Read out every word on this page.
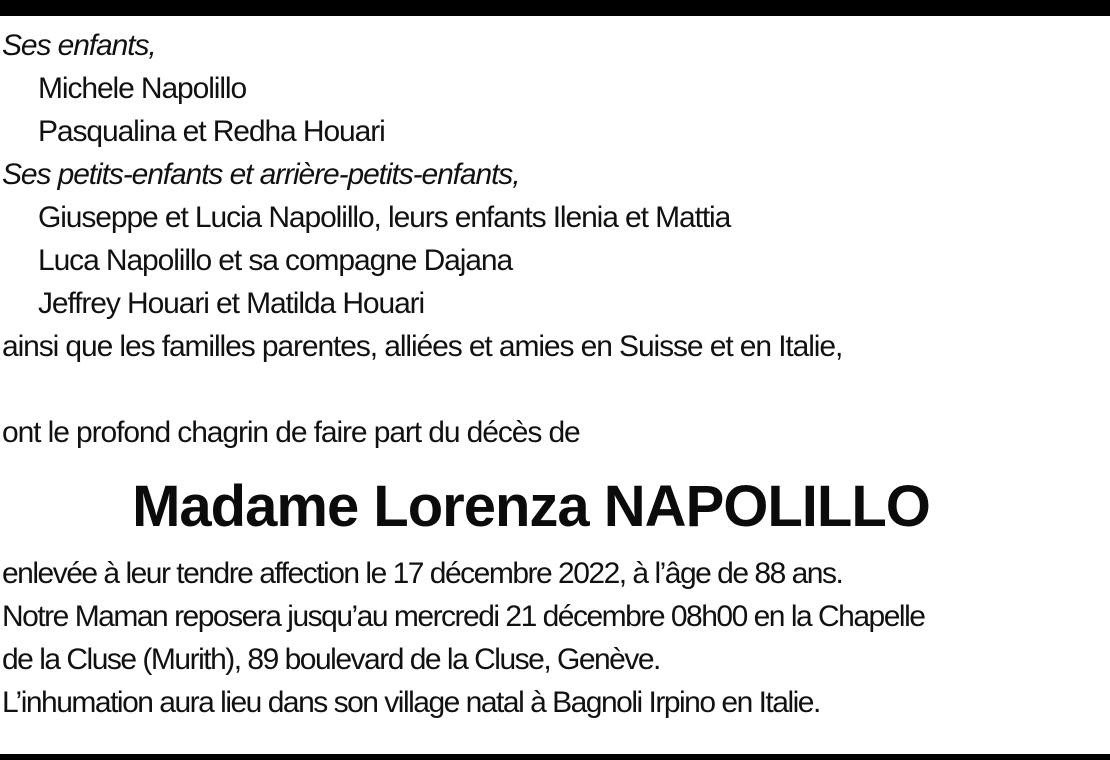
Ses enfants,
Michele Napolillo
Pasqualina et Redha Houari
Ses petits-enfants et arrière-petits-enfants,
Giuseppe et Lucia Napolillo, leurs enfants Ilenia et Mattia
Luca Napolillo et sa compagne Dajana
Jeffrey Houari et Matilda Houari
ainsi que les familles parentes, alliées et amies en Suisse et en Italie,
ont le profond chagrin de faire part du décès de
Madame Lorenza NAPOLILLO
enlevée à leur tendre affection le 17 décembre 2022, à l’âge de 88 ans.
Notre Maman reposera jusqu’au mercredi 21 décembre 08h00 en la Chapelle
de la Cluse (Murith), 89 boulevard de la Cluse, Genève.
L’inhumation aura lieu dans son village natal à Bagnoli Irpino en Italie.
